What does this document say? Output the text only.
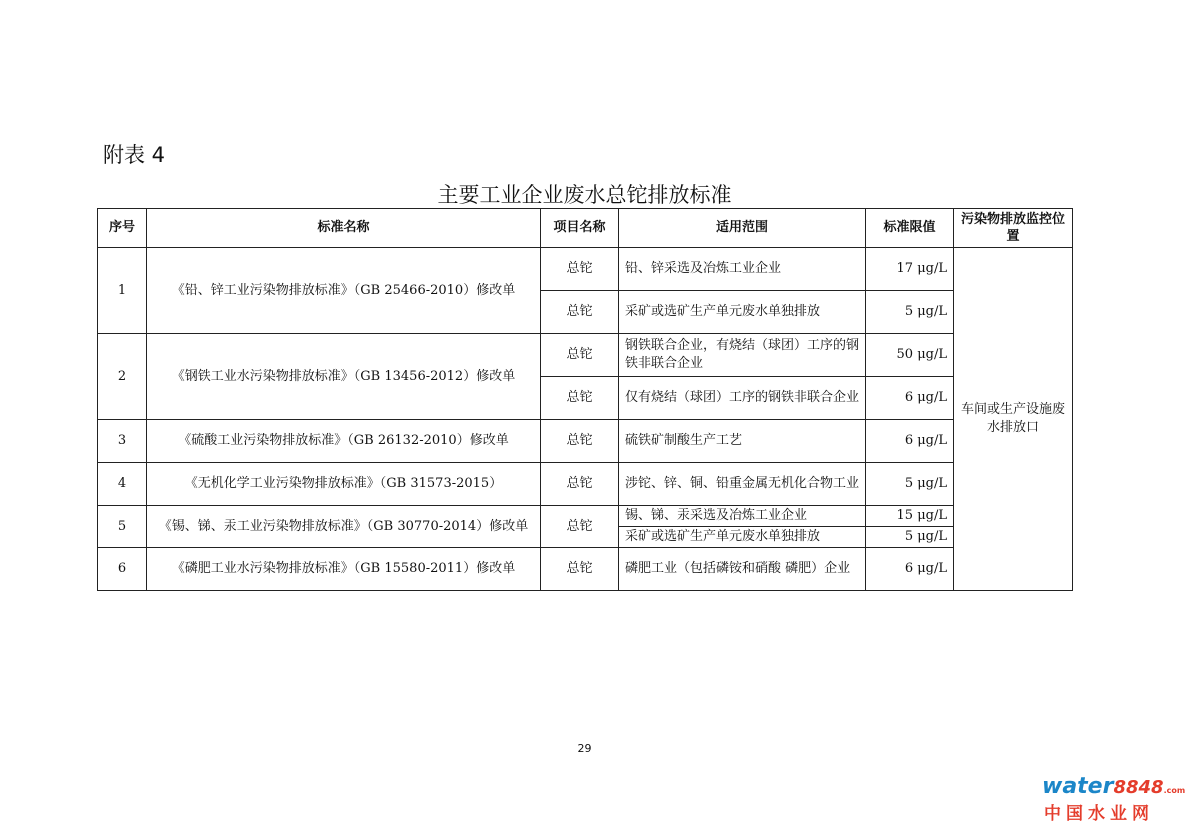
附表 4
主要工业企业废水总铊排放标准
序号	标准名称	项目名称	适用范围	标准限值	污染物排放监控位置
1	《铅、锌工业污染物排放标准》（GB 25466-2010）修改单	总铊	铅、锌采选及冶炼工业企业	17 μg/L	车间或生产设施废水排放口
		总铊	采矿或选矿生产单元废水单独排放	5 μg/L	
2	《钢铁工业水污染物排放标准》（GB 13456-2012）修改单	总铊	钢铁联合企业，有烧结（球团）工序的钢铁非联合企业	50 μg/L	
		总铊	仅有烧结（球团）工序的钢铁非联合企业	6 μg/L	
3	《硫酸工业污染物排放标准》（GB 26132-2010）修改单	总铊	硫铁矿制酸生产工艺	6 μg/L	
4	《无机化学工业污染物排放标准》（GB 31573-2015）	总铊	涉铊、锌、铜、铅重金属无机化合物工业	5 μg/L	
5	《锡、锑、汞工业污染物排放标准》（GB 30770-2014）修改单	总铊	锡、锑、汞采选及冶炼工业企业	15 μg/L	
			采矿或选矿生产单元废水单独排放	5 μg/L	
6	《磷肥工业水污染物排放标准》（GB 15580-2011）修改单	总铊	磷肥工业（包括磷铵和硝酸 磷肥）企业	6 μg/L	
29
water8848.com
中国水业网
